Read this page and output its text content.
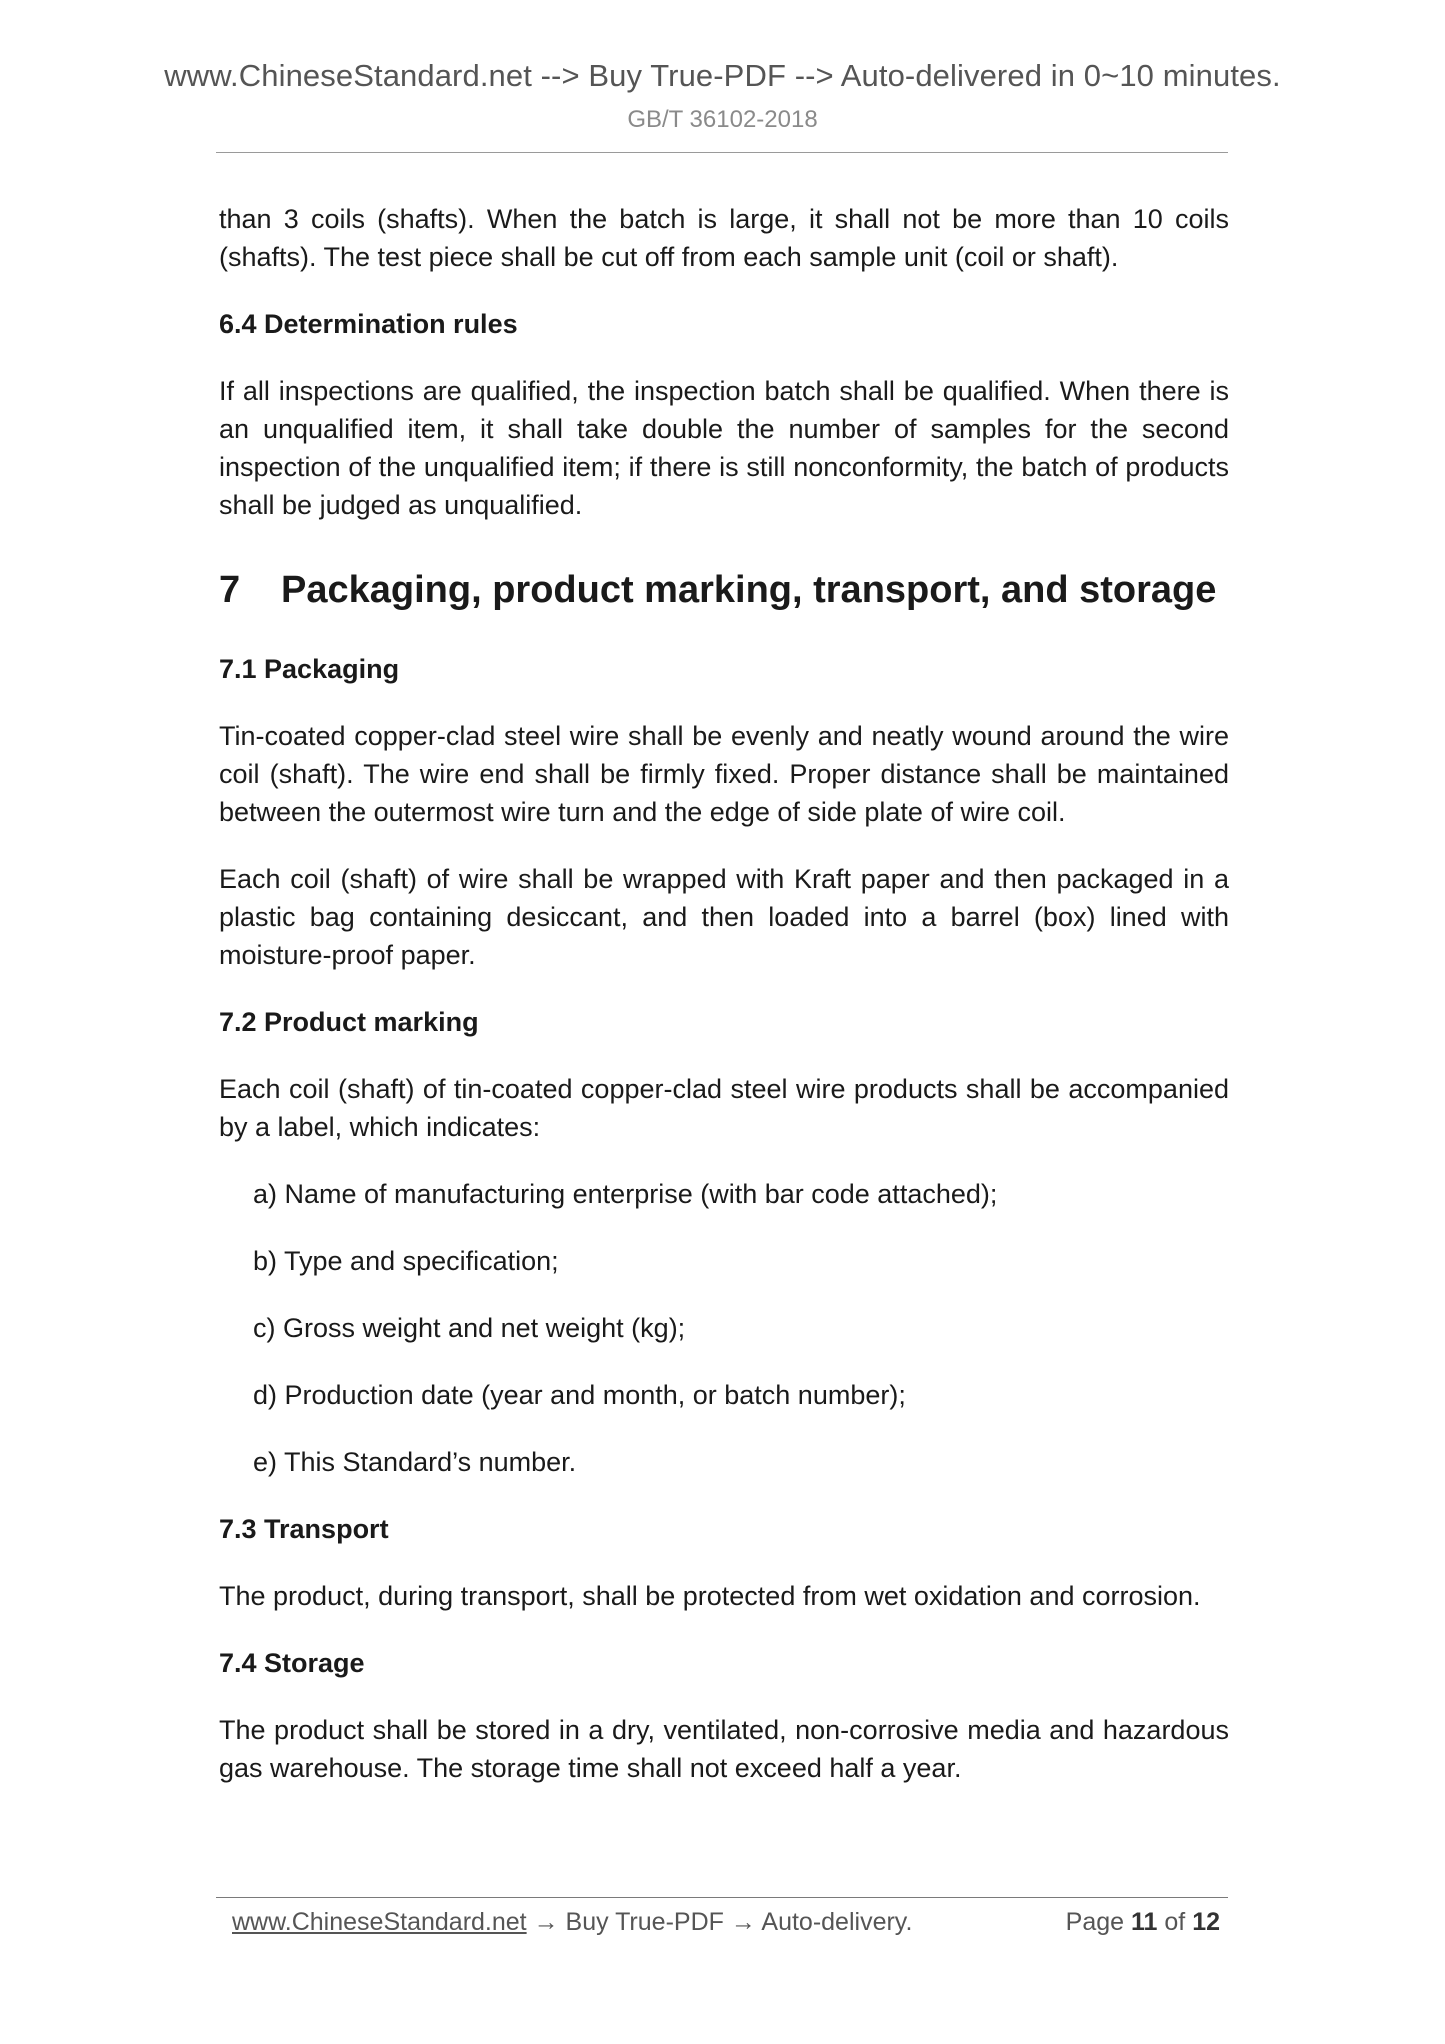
www.ChineseStandard.net --> Buy True-PDF --> Auto-delivered in 0~10 minutes.
GB/T 36102-2018

than 3 coils (shafts). When the batch is large, it shall not be more than 10 coils (shafts). The test piece shall be cut off from each sample unit (coil or shaft).

6.4 Determination rules

If all inspections are qualified, the inspection batch shall be qualified. When there is an unqualified item, it shall take double the number of samples for the second inspection of the unqualified item; if there is still nonconformity, the batch of products shall be judged as unqualified.

7	Packaging, product marking, transport, and storage
7.1 Packaging

Tin-coated copper-clad steel wire shall be evenly and neatly wound around the wire coil (shaft). The wire end shall be firmly fixed. Proper distance shall be maintained between the outermost wire turn and the edge of side plate of wire coil.

Each coil (shaft) of wire shall be wrapped with Kraft paper and then packaged in a plastic bag containing desiccant, and then loaded into a barrel (box) lined with moisture-proof paper.

7.2 Product marking

Each coil (shaft) of tin-coated copper-clad steel wire products shall be accompanied by a label, which indicates:

a) Name of manufacturing enterprise (with bar code attached);

b) Type and specification;

c) Gross weight and net weight (kg);

d) Production date (year and month, or batch number);

e) This Standard’s number.

7.3 Transport

The product, during transport, shall be protected from wet oxidation and corrosion.

7.4 Storage

The product shall be stored in a dry, ventilated, non-corrosive media and hazardous gas warehouse. The storage time shall not exceed half a year.

www.ChineseStandard.net → Buy True-PDF → Auto-delivery.	Page 11 of 12
